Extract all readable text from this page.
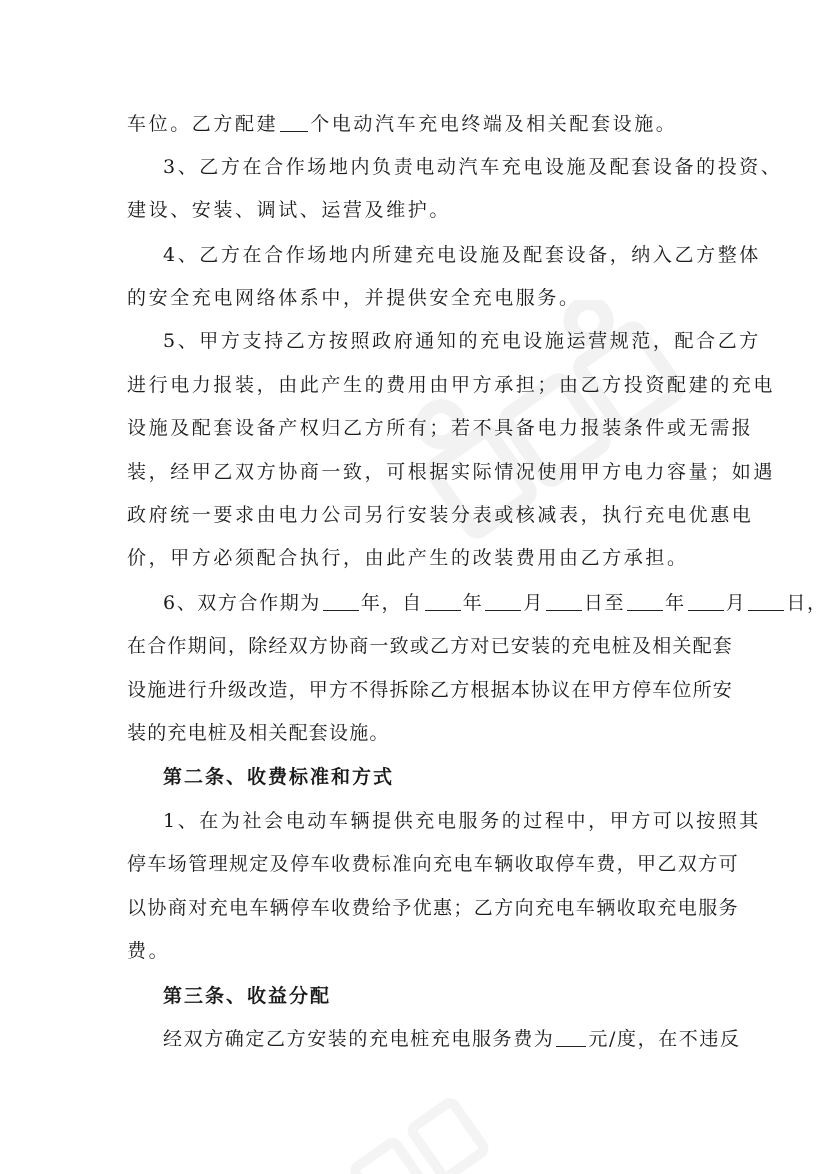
车位。乙方配建 个电动汽车充电终端及相关配套设施。
3、乙方在合作场地内负责电动汽车充电设施及配套设备的投资、
建设、安装、调试、运营及维护。
4、乙方在合作场地内所建充电设施及配套设备，纳入乙方整体
的安全充电网络体系中，并提供安全充电服务。
5、甲方支持乙方按照政府通知的充电设施运营规范，配合乙方
进行电力报装，由此产生的费用由甲方承担；由乙方投资配建的充电
设施及配套设备产权归乙方所有；若不具备电力报装条件或无需报
装，经甲乙双方协商一致，可根据实际情况使用甲方电力容量；如遇
政府统一要求由电力公司另行安装分表或核减表，执行充电优惠电
价，甲方必须配合执行，由此产生的改装费用由乙方承担。
6、双方合作期为 年，自 年 月 日至 年 月 日，
在合作期间，除经双方协商一致或乙方对已安装的充电桩及相关配套
设施进行升级改造，甲方不得拆除乙方根据本协议在甲方停车位所安
装的充电桩及相关配套设施。
第二条、收费标准和方式
1、在为社会电动车辆提供充电服务的过程中，甲方可以按照其
停车场管理规定及停车收费标准向充电车辆收取停车费，甲乙双方可
以协商对充电车辆停车收费给予优惠；乙方向充电车辆收取充电服务
费。
第三条、收益分配
经双方确定乙方安装的充电桩充电服务费为 元/度，在不违反
